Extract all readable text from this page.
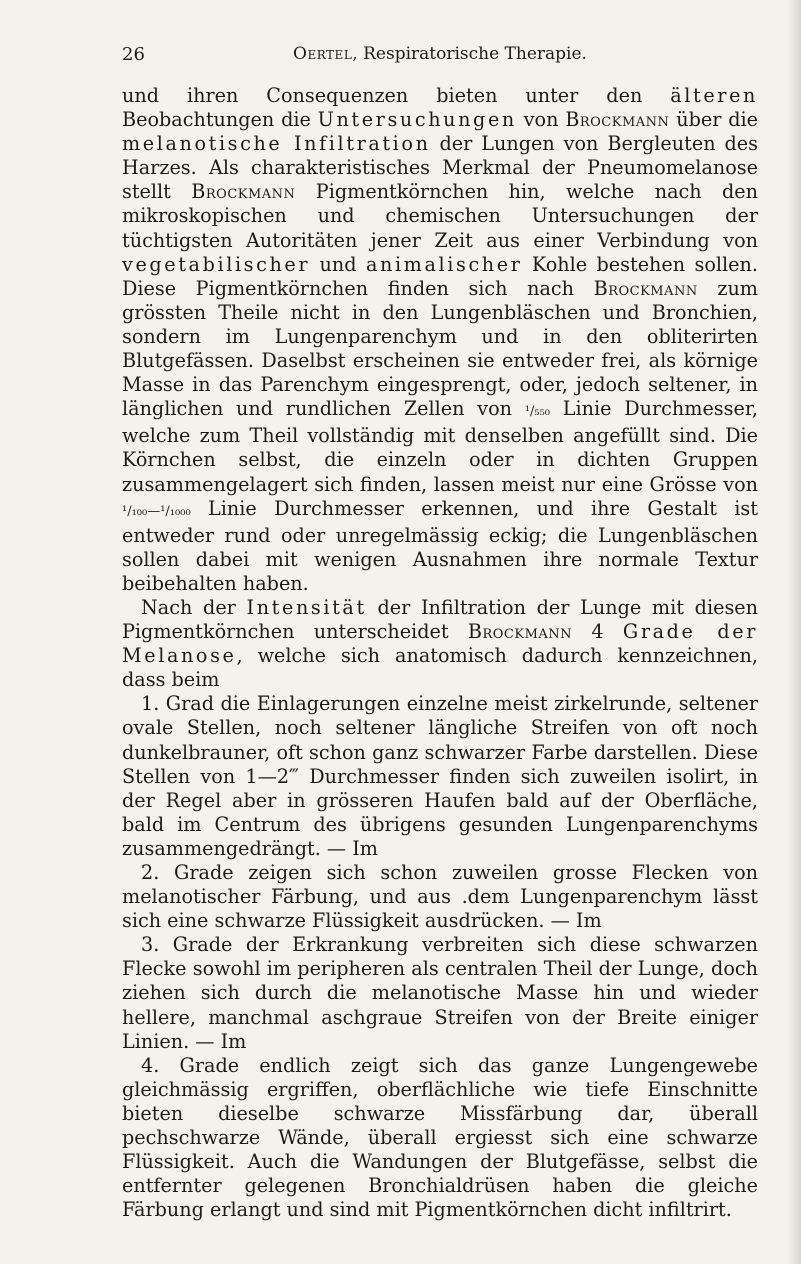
26	Oertel, Respiratorische Therapie.

und ihren Consequenzen bieten unter den älteren Beobachtungen die Untersuchungen von Brockmann über die melanotische Infiltration der Lungen von Bergleuten des Harzes. Als charakteristisches Merkmal der Pneumomelanose stellt Brockmann Pigmentkörnchen hin, welche nach den mikroskopischen und chemischen Untersuchungen der tüchtigsten Autoritäten jener Zeit aus einer Verbindung von vegetabilischer und animalischer Kohle bestehen sollen. Diese Pigmentkörnchen finden sich nach Brockmann zum grössten Theile nicht in den Lungenbläschen und Bronchien, sondern im Lungenparenchym und in den obliterirten Blutgefässen. Daselbst erscheinen sie entweder frei, als körnige Masse in das Parenchym eingesprengt, oder, jedoch seltener, in länglichen und rundlichen Zellen von ¹/₅₅₀ Linie Durchmesser, welche zum Theil vollständig mit denselben angefüllt sind. Die Körnchen selbst, die einzeln oder in dichten Gruppen zusammengelagert sich finden, lassen meist nur eine Grösse von ¹/₁₀₀—¹/₁₀₀₀ Linie Durchmesser erkennen, und ihre Gestalt ist entweder rund oder unregelmässig eckig; die Lungenbläschen sollen dabei mit wenigen Ausnahmen ihre normale Textur beibehalten haben.

Nach der Intensität der Infiltration der Lunge mit diesen Pigmentkörnchen unterscheidet Brockmann 4 Grade der Melanose, welche sich anatomisch dadurch kennzeichnen, dass beim

1. Grad die Einlagerungen einzelne meist zirkelrunde, seltener ovale Stellen, noch seltener längliche Streifen von oft noch dunkelbrauner, oft schon ganz schwarzer Farbe darstellen. Diese Stellen von 1—2‴ Durchmesser finden sich zuweilen isolirt, in der Regel aber in grösseren Haufen bald auf der Oberfläche, bald im Centrum des übrigens gesunden Lungenparenchyms zusammengedrängt. — Im

2. Grade zeigen sich schon zuweilen grosse Flecken von melanotischer Färbung, und aus .dem Lungenparenchym lässt sich eine schwarze Flüssigkeit ausdrücken. — Im

3. Grade der Erkrankung verbreiten sich diese schwarzen Flecke sowohl im peripheren als centralen Theil der Lunge, doch ziehen sich durch die melanotische Masse hin und wieder hellere, manchmal aschgraue Streifen von der Breite einiger Linien. — Im

4. Grade endlich zeigt sich das ganze Lungengewebe gleichmässig ergriffen, oberflächliche wie tiefe Einschnitte bieten dieselbe schwarze Missfärbung dar, überall pechschwarze Wände, überall ergiesst sich eine schwarze Flüssigkeit. Auch die Wandungen der Blutgefässe, selbst die entfernter gelegenen Bronchialdrüsen haben die gleiche Färbung erlangt und sind mit Pigmentkörnchen dicht infiltrirt.
